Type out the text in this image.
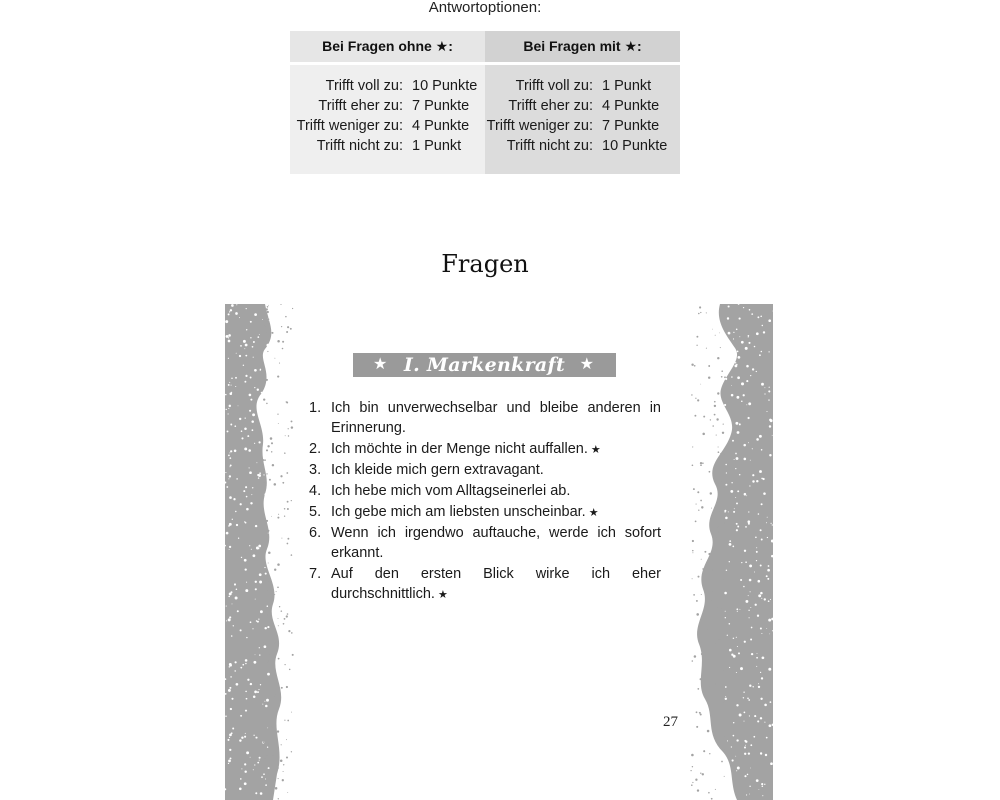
Antwortoptionen:
Bei Fragen ohne ★:
Trifft voll zu: 10 Punkte
Trifft eher zu: 7 Punkte
Trifft weniger zu: 4 Punkte
Trifft nicht zu: 1 Punkt
Bei Fragen mit ★:
Trifft voll zu: 1 Punkt
Trifft eher zu: 4 Punkte
Trifft weniger zu: 7 Punkte
Trifft nicht zu: 10 Punkte
Fragen
★ I. Markenkraft ★
1. Ich bin unverwechselbar und bleibe anderen in Erinnerung.
2. Ich möchte in der Menge nicht auffallen. ★
3. Ich kleide mich gern extravagant.
4. Ich hebe mich vom Alltagseinerlei ab.
5. Ich gebe mich am liebsten unscheinbar. ★
6. Wenn ich irgendwo auftauche, werde ich sofort erkannt.
7. Auf den ersten Blick wirke ich eher durchschnittlich. ★
27
